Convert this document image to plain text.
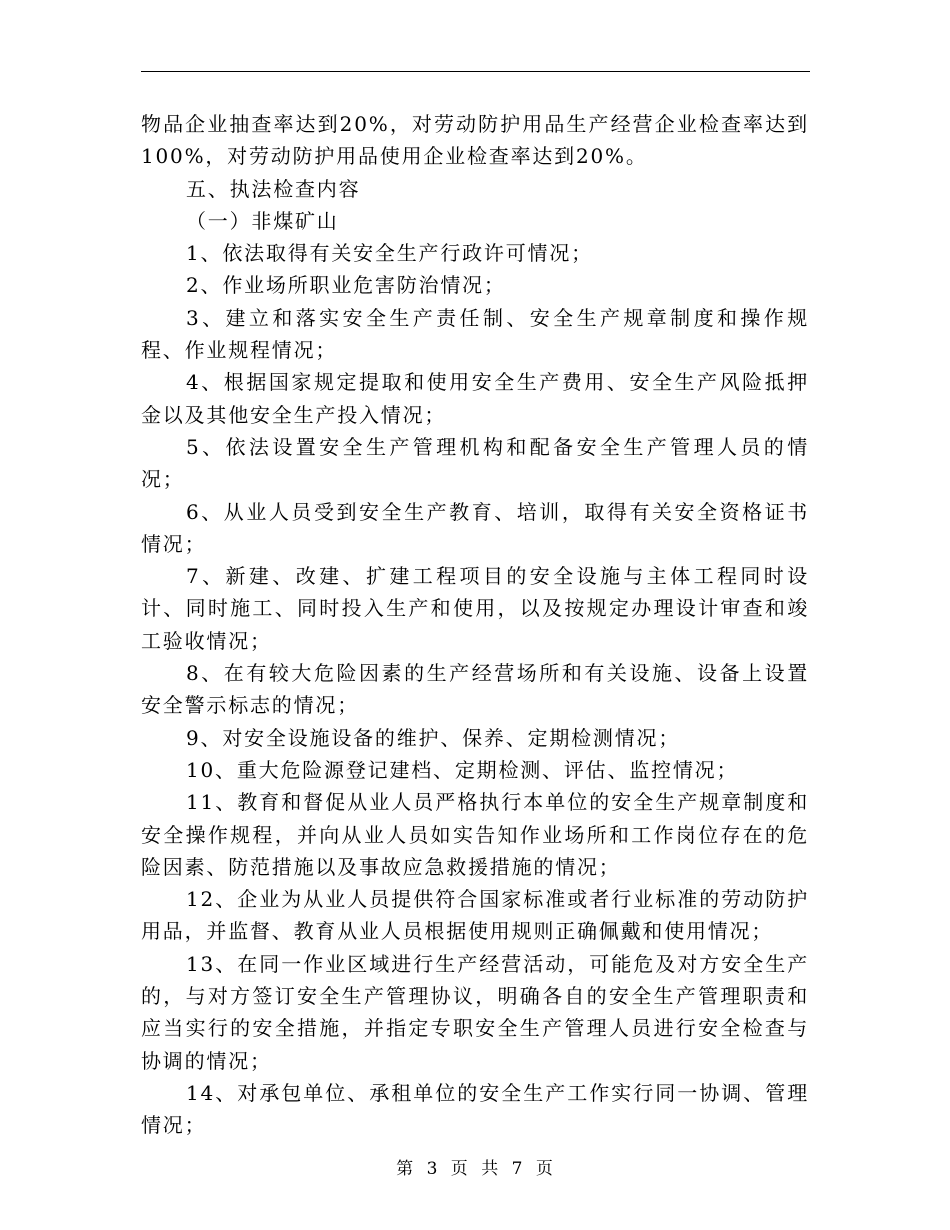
物品企业抽查率达到20%，对劳动防护用品生产经营企业检查率达到100%，对劳动防护用品使用企业检查率达到20%。

五、执法检查内容

（一）非煤矿山

1、依法取得有关安全生产行政许可情况；

2、作业场所职业危害防治情况；

3、建立和落实安全生产责任制、安全生产规章制度和操作规程、作业规程情况；

4、根据国家规定提取和使用安全生产费用、安全生产风险抵押金以及其他安全生产投入情况；

5、依法设置安全生产管理机构和配备安全生产管理人员的情况；

6、从业人员受到安全生产教育、培训，取得有关安全资格证书情况；

7、新建、改建、扩建工程项目的安全设施与主体工程同时设计、同时施工、同时投入生产和使用，以及按规定办理设计审查和竣工验收情况；

8、在有较大危险因素的生产经营场所和有关设施、设备上设置安全警示标志的情况；

9、对安全设施设备的维护、保养、定期检测情况；

10、重大危险源登记建档、定期检测、评估、监控情况；

11、教育和督促从业人员严格执行本单位的安全生产规章制度和安全操作规程，并向从业人员如实告知作业场所和工作岗位存在的危险因素、防范措施以及事故应急救援措施的情况；

12、企业为从业人员提供符合国家标准或者行业标准的劳动防护用品，并监督、教育从业人员根据使用规则正确佩戴和使用情况；

13、在同一作业区域进行生产经营活动，可能危及对方安全生产的，与对方签订安全生产管理协议，明确各自的安全生产管理职责和应当实行的安全措施，并指定专职安全生产管理人员进行安全检查与协调的情况；

14、对承包单位、承租单位的安全生产工作实行同一协调、管理情况；

第 3 页 共 7 页
